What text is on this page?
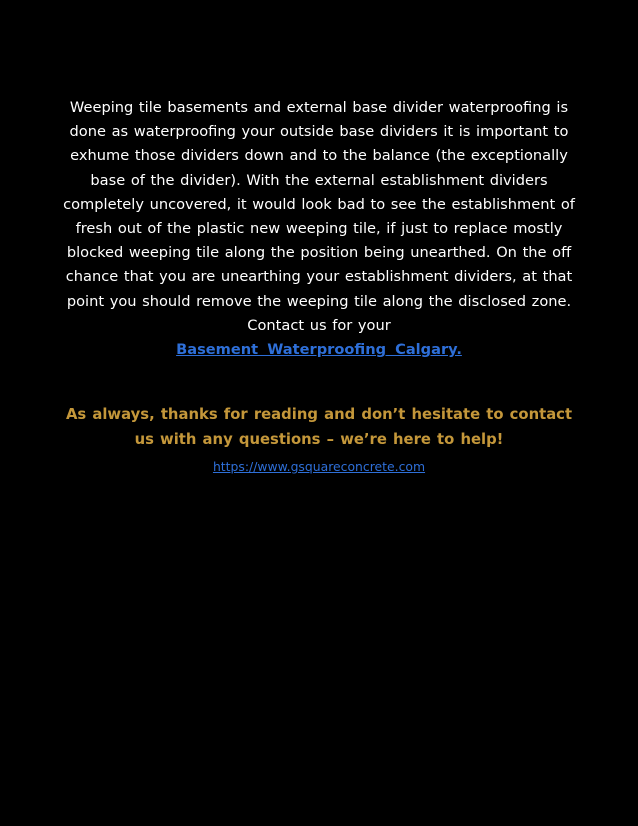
Weeping tile basements and external base divider waterproofing is done as waterproofing your outside base dividers it is important to exhume those dividers down and to the balance (the exceptionally base of the divider). With the external establishment dividers completely uncovered, it would look bad to see the establishment of fresh out of the plastic new weeping tile, if just to replace mostly blocked weeping tile along the position being unearthed. On the off chance that you are unearthing your establishment dividers, at that point you should remove the weeping tile along the disclosed zone. Contact us for your
Basement Waterproofing Calgary.

As always, thanks for reading and don’t hesitate to contact us with any questions – we’re here to help!

https://www.gsquareconcrete.com
